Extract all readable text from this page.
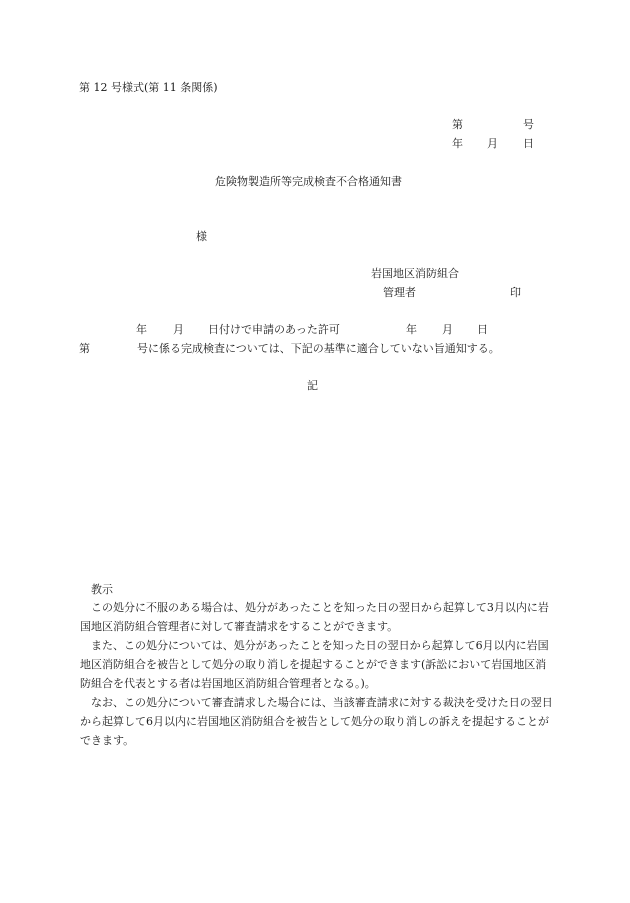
第 12 号様式(第 11 条関係)
第	号
年 月 日
危険物製造所等完成検査不合格通知書
様
岩国地区消防組合
管理者	印
年 月 日付けで申請のあった許可	年 月 日
第	号に係る完成検査については、下記の基準に適合していない旨通知する。
記
教示

この処分に不服のある場合は、処分があったことを知った日の翌日から起算して3月以内に岩国地区消防組合管理者に対して審査請求をすることができます。

また、この処分については、処分があったことを知った日の翌日から起算して6月以内に岩国地区消防組合を被告として処分の取り消しを提起することができます(訴訟において岩国地区消防組合を代表とする者は岩国地区消防組合管理者となる。)。

なお、この処分について審査請求した場合には、当該審査請求に対する裁決を受けた日の翌日から起算して6月以内に岩国地区消防組合を被告として処分の取り消しの訴えを提起することができます。
